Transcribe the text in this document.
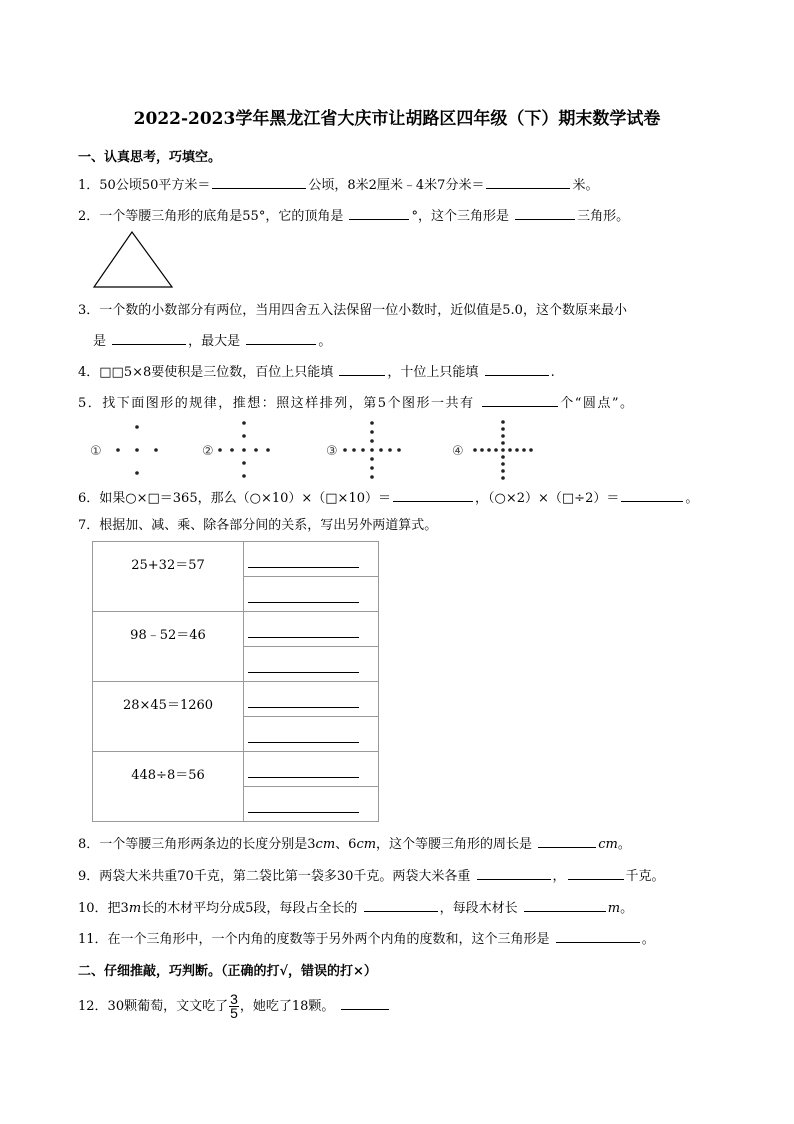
2022-2023学年黑龙江省大庆市让胡路区四年级（下）期末数学试卷
一、认真思考，巧填空。
1．50公顷50平方米＝	公顷，8米2厘米﹣4米7分米＝	米。
2．一个等腰三角形的底角是55°，它的顶角是	°，这个三角形是	三角形。
3．一个数的小数部分有两位，当用四舍五入法保留一位小数时，近似值是5.0，这个数原来最小
是	，最大是	。
4．□□5×8要使积是三位数，百位上只能填	，十位上只能填	.
5．找下面图形的规律，推想：照这样排列，第5个图形一共有	个“圆点”。
①	②	③	④
6．如果○×□＝365，那么（○×10）×（□×10）＝	，（○×2）×（□÷2）＝	。
7．根据加、减、乘、除各部分间的关系，写出另外两道算式。
25+32＝57	

98﹣52＝46	

28×45＝1260	

448÷8＝56	

8．一个等腰三角形两条边的长度分别是3cm、6cm，这个等腰三角形的周长是	cm。
9．两袋大米共重70千克，第二袋比第一袋多30千克。两袋大米各重	，	千克。
10．把3m长的木材平均分成5段，每段占全长的	，每段木材长	m。
11．在一个三角形中，一个内角的度数等于另外两个内角的度数和，这个三角形是	。
二、仔细推敲，巧判断。（正确的打√，错误的打×）
12．30颗葡萄，文文吃了 $\frac{3}{5}$ ，她吃了18颗。
